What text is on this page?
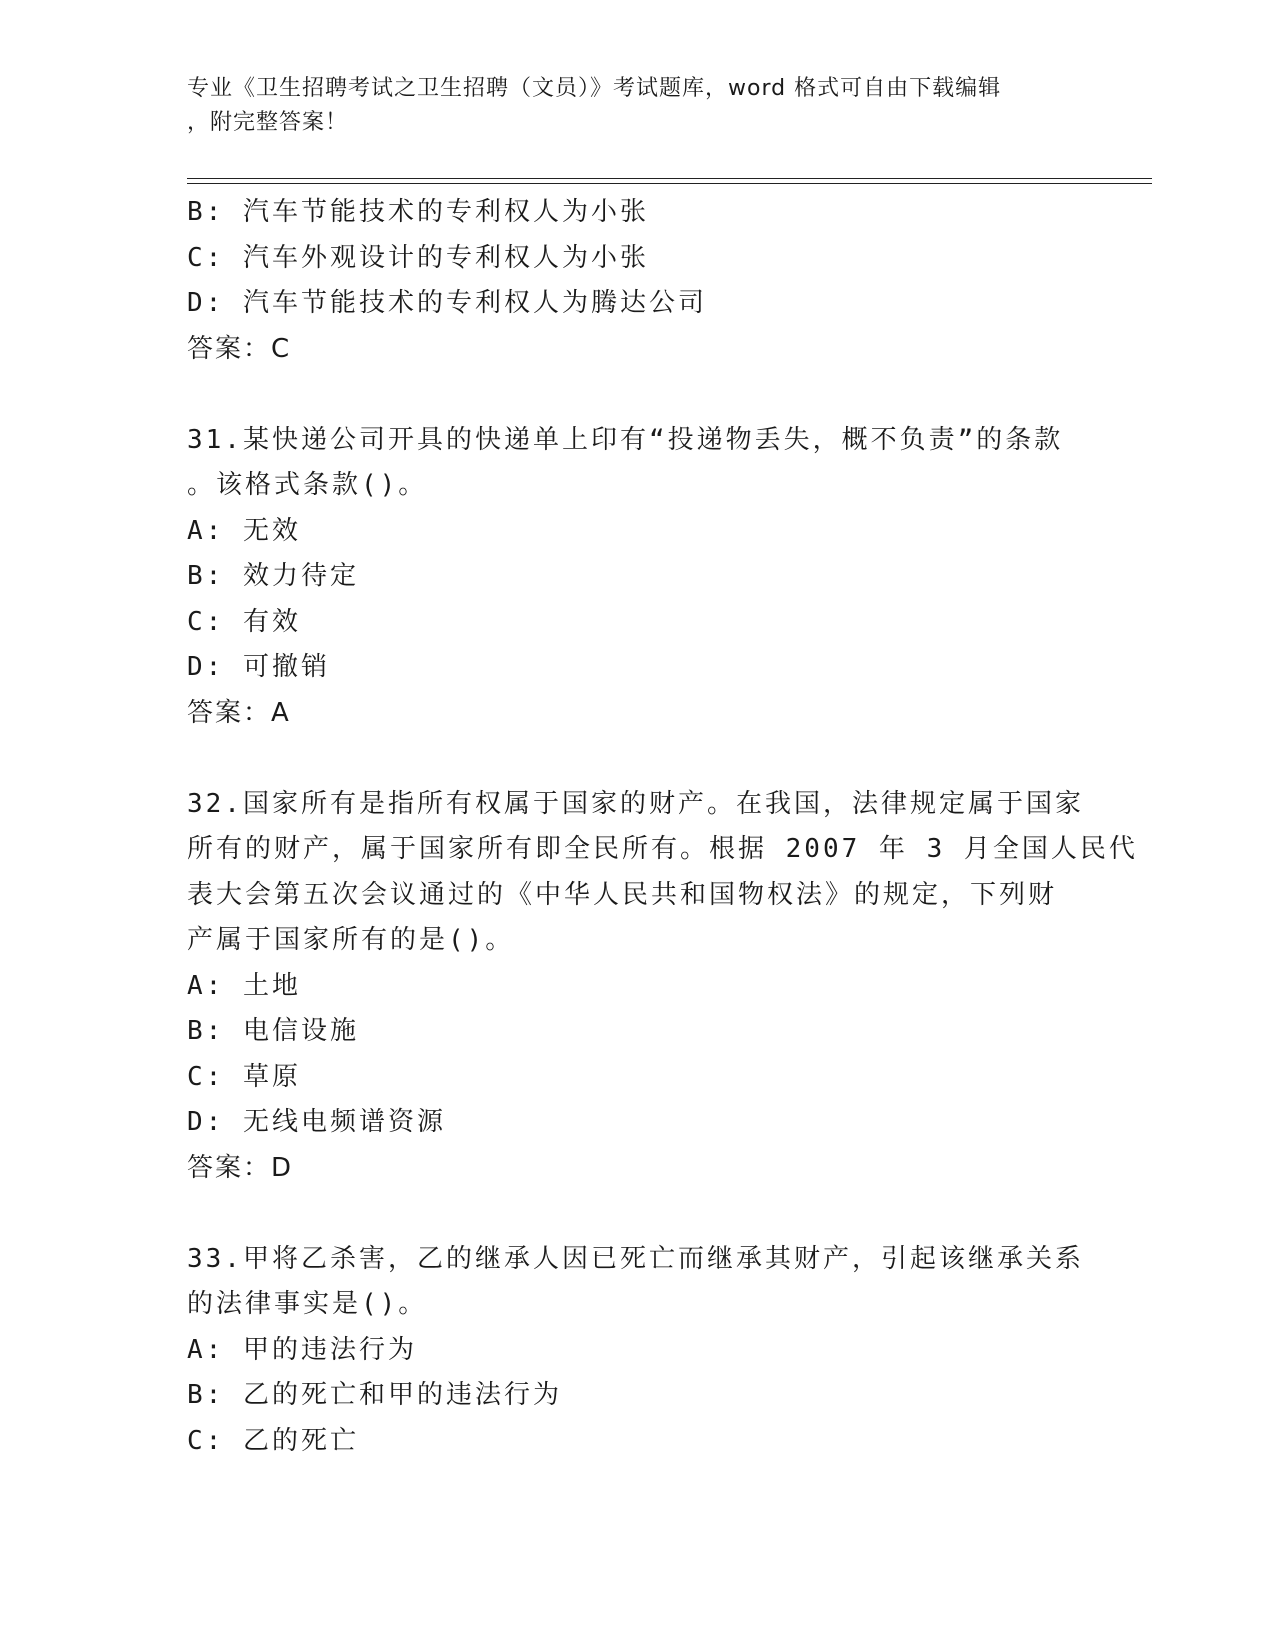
专业《卫生招聘考试之卫生招聘（文员）》考试题库，word 格式可自由下载编辑
，附完整答案！
B: 汽车节能技术的专利权人为小张
C: 汽车外观设计的专利权人为小张
D: 汽车节能技术的专利权人为腾达公司
答案：C
31.某快递公司开具的快递单上印有“投递物丢失，概不负责”的条款
。该格式条款()。
A: 无效
B: 效力待定
C: 有效
D: 可撤销
答案：A
32.国家所有是指所有权属于国家的财产。在我国，法律规定属于国家
所有的财产，属于国家所有即全民所有。根据 2007 年 3 月全国人民代
表大会第五次会议通过的《中华人民共和国物权法》的规定，下列财
产属于国家所有的是()。
A: 土地
B: 电信设施
C: 草原
D: 无线电频谱资源
答案：D
33.甲将乙杀害，乙的继承人因已死亡而继承其财产，引起该继承关系
的法律事实是()。
A: 甲的违法行为
B: 乙的死亡和甲的违法行为
C: 乙的死亡
